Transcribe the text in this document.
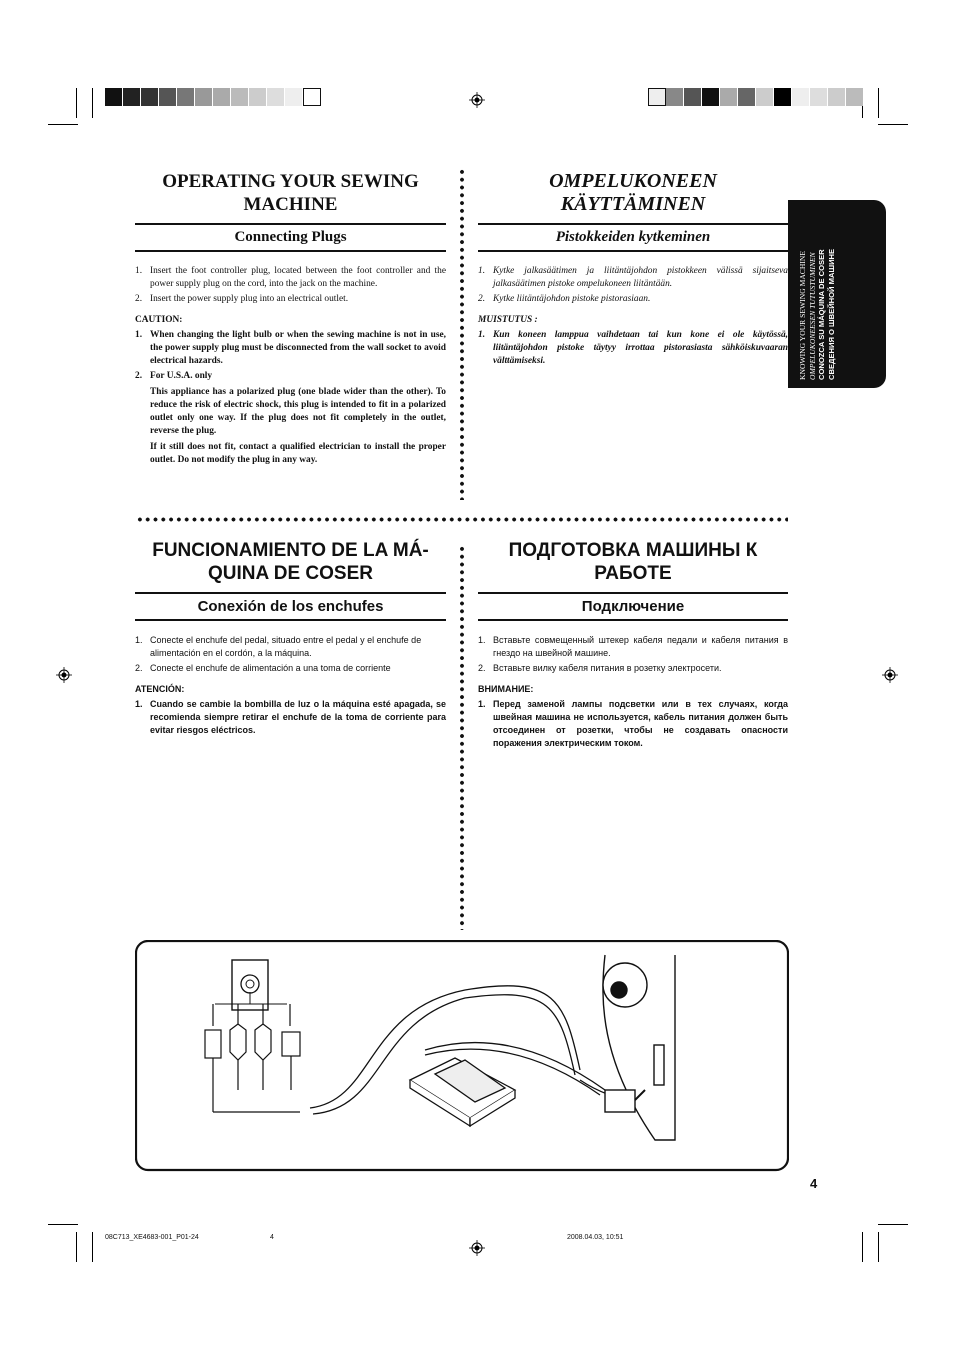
KNOWING YOUR SEWING MACHINE OMPELUKONEESEN TUTUSTUMINEN CONOZCA SU MÁQUINA DE COSER СВЕДЕНИЯ О ШВЕЙНОЙ МАШИНЕ
OPERATING YOUR SEWING MACHINE
Connecting Plugs
1. Insert the foot controller plug, located between the foot controller and the power supply plug on the cord, into the jack on the machine.
2. Insert the power supply plug into an electrical outlet.
CAUTION:
1. When changing the light bulb or when the sewing machine is not in use, the power supply plug must be disconnected from the wall socket to avoid electrical hazards.
2. For U.S.A. only
This appliance has a polarized plug (one blade wider than the other). To reduce the risk of electric shock, this plug is intended to fit in a polarized outlet only one way. If the plug does not fit completely in the outlet, reverse the plug.
If it still does not fit, contact a qualified electrician to install the proper outlet. Do not modify the plug in any way.
OMPELUKONEEN KÄYTTÄMINEN
Pistokkeiden kytkeminen
1. Kytke jalkasäätimen ja liitäntäjohdon pistokkeen välissä sijaitseva jalkasäätimen pistoke ompelukoneen liitäntään.
2. Kytke liitäntäjohdon pistoke pistorasiaan.
MUISTUTUS :
1. Kun koneen lamppua vaihdetaan tai kun kone ei ole käytössä, liitäntäjohdon pistoke täytyy irrottaa pistorasiasta sähköiskuvaaran välttämiseksi.
FUNCIONAMIENTO DE LA MÁ-
QUINA DE COSER
Conexión de los enchufes
1. Conecte el enchufe del pedal, situado entre el pedal y el enchufe de alimentación en el cordón, a la máquina.
2. Conecte el enchufe de alimentación a una toma de corriente
ATENCIÓN:
1. Cuando se cambie la bombilla de luz o la máquina esté apagada, se recomienda siempre retirar el enchufe de la toma de corriente para evitar riesgos eléctricos.
ПОДГОТОВКА МАШИНЫ К
РАБОТЕ
Подключение
1. Вставьте совмещенный штекер кабеля педали и кабеля питания в гнездо на швейной машине.
2. Вставьте вилку кабеля питания в розетку электросети.
ВНИМАНИЕ:
1. Перед заменой лампы подсветки или в тех случаях, когда швейная машина не используется, кабель питания должен быть отсоединен от розетки, чтобы не создавать опасности поражения электрическим током.
4
08C713_XE4683-001_P01-24	4	2008.04.03, 10:51
